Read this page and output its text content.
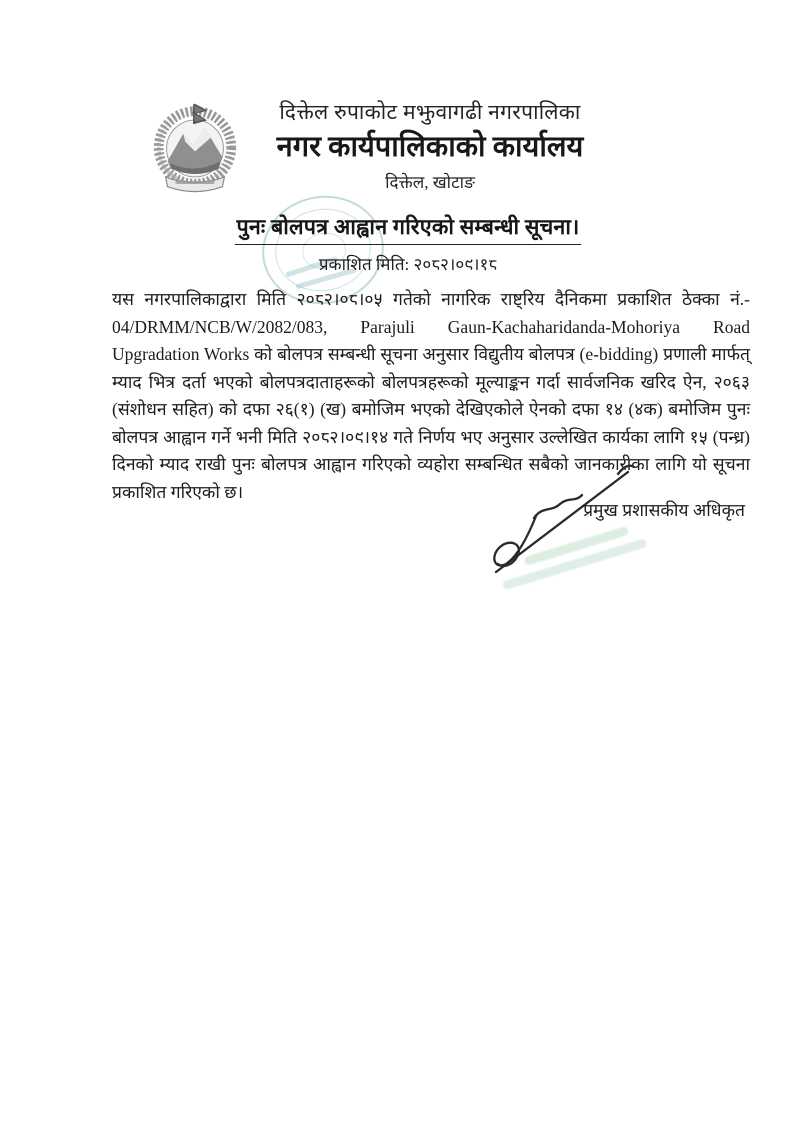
दिक्तेल रुपाकोट मझुवागढी नगरपालिका
नगर कार्यपालिकाको कार्यालय
दिक्तेल, खोटाङ
पुनः बोलपत्र आह्वान गरिएको सम्बन्धी सूचना।
प्रकाशित मिति: २०८२।०९।१८

यस नगरपालिकाद्वारा मिति २०८२।०८।०५ गतेको नागरिक राष्ट्रिय दैनिकमा प्रकाशित ठेक्का नं.- 04/DRMM/NCB/W/2082/083, Parajuli Gaun-Kachaharidanda-Mohoriya Road Upgradation Works को बोलपत्र सम्बन्धी सूचना अनुसार विद्युतीय बोलपत्र (e-bidding) प्रणाली मार्फत् म्याद भित्र दर्ता भएको बोलपत्रदाताहरूको बोलपत्रहरूको मूल्याङ्कन गर्दा सार्वजनिक खरिद ऐन, २०६३ (संशोधन सहित) को दफा २६(१) (ख) बमोजिम भएको देखिएकोले ऐनको दफा १४ (४क) बमोजिम पुनः बोलपत्र आह्वान गर्ने भनी मिति २०८२।०९।१४ गते निर्णय भए अनुसार उल्लेखित कार्यका लागि १५ (पन्ध्र) दिनको म्याद राखी पुनः बोलपत्र आह्वान गरिएको व्यहोरा सम्बन्धित सबैको जानकारीका लागि यो सूचना प्रकाशित गरिएको छ।

प्रमुख प्रशासकीय अधिकृत
